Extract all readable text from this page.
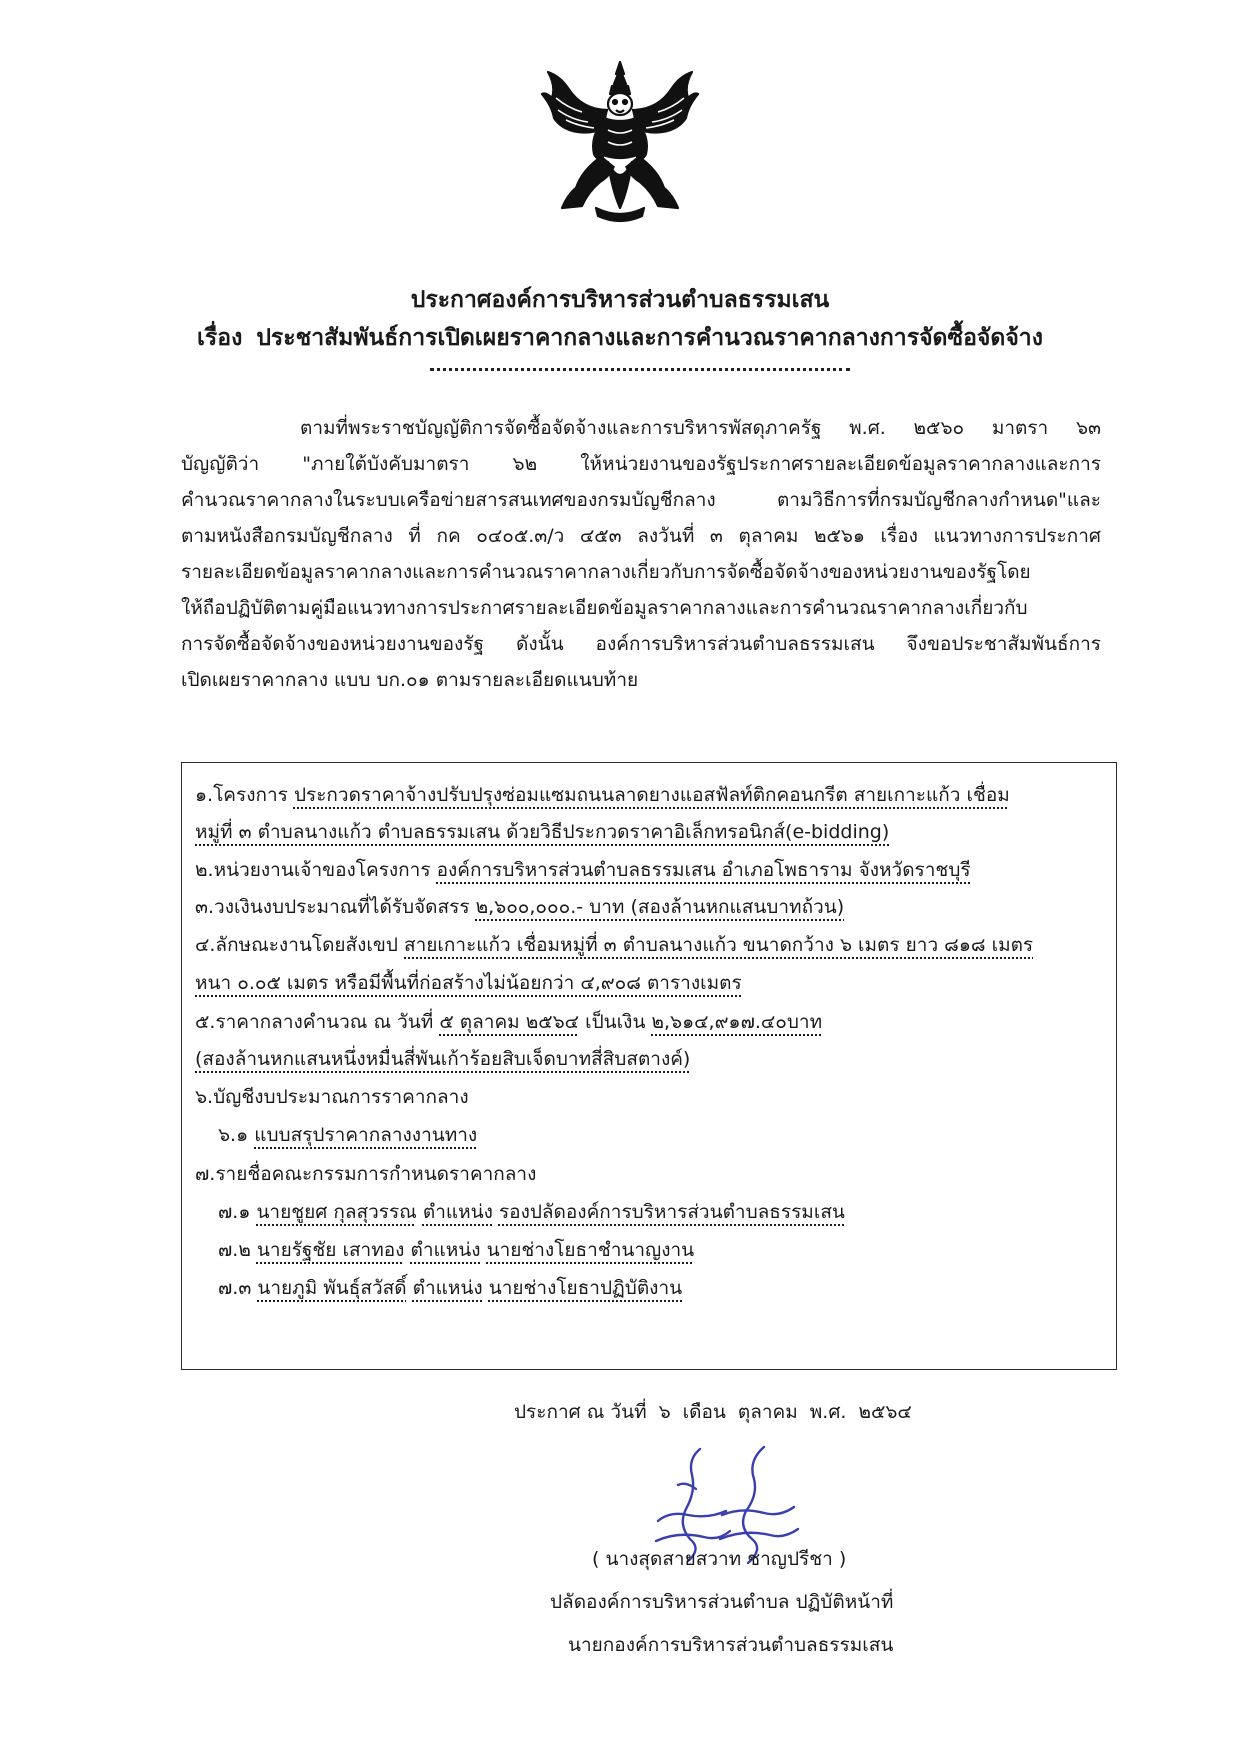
ประกาศองค์การบริหารส่วนตำบลธรรมเสน
เรื่อง ประชาสัมพันธ์การเปิดเผยราคากลางและการคำนวณราคากลางการจัดซื้อจัดจ้าง
ตามที่พระราชบัญญัติการจัดซื้อจัดจ้างและการบริหารพัสดุภาครัฐ พ.ศ. ๒๕๖๐ มาตรา ๖๓
บัญญัติว่า "ภายใต้บังคับมาตรา ๖๒ ให้หน่วยงานของรัฐประกาศรายละเอียดข้อมูลราคากลางและการ
คำนวณราคากลางในระบบเครือข่ายสารสนเทศของกรมบัญชีกลาง ตามวิธีการที่กรมบัญชีกลางกำหนด"และ
ตามหนังสือกรมบัญชีกลาง ที่ กค ๐๔๐๕.๓/ว ๔๕๓ ลงวันที่ ๓ ตุลาคม ๒๕๖๑ เรื่อง แนวทางการประกาศ
รายละเอียดข้อมูลราคากลางและการคำนวณราคากลางเกี่ยวกับการจัดซื้อจัดจ้างของหน่วยงานของรัฐโดย
ให้ถือปฏิบัติตามคู่มือแนวทางการประกาศรายละเอียดข้อมูลราคากลางและการคำนวณราคากลางเกี่ยวกับ
การจัดซื้อจัดจ้างของหน่วยงานของรัฐ ดังนั้น องค์การบริหารส่วนตำบลธรรมเสน จึงขอประชาสัมพันธ์การ
เปิดเผยราคากลาง แบบ บก.๐๑ ตามรายละเอียดแนบท้าย
๑.โครงการ ประกวดราคาจ้างปรับปรุงซ่อมแซมถนนลาดยางแอสฟัลท์ติกคอนกรีต สายเกาะแก้ว เชื่อม
หมู่ที่ ๓ ตำบลนางแก้ว ตำบลธรรมเสน ด้วยวิธีประกวดราคาอิเล็กทรอนิกส์(e-bidding)
๒.หน่วยงานเจ้าของโครงการ องค์การบริหารส่วนตำบลธรรมเสน อำเภอโพธาราม จังหวัดราชบุรี
๓.วงเงินงบประมาณที่ได้รับจัดสรร ๒,๖๐๐,๐๐๐.- บาท (สองล้านหกแสนบาทถ้วน)
๔.ลักษณะงานโดยสังเขป สายเกาะแก้ว เชื่อมหมู่ที่ ๓ ตำบลนางแก้ว ขนาดกว้าง ๖ เมตร ยาว ๘๑๘ เมตร
หนา ๐.๐๕ เมตร หรือมีพื้นที่ก่อสร้างไม่น้อยกว่า ๔,๙๐๘ ตารางเมตร
๕.ราคากลางคำนวณ ณ วันที่ ๕ ตุลาคม ๒๕๖๔ เป็นเงิน ๒,๖๑๔,๙๑๗.๔๐บาท
(สองล้านหกแสนหนึ่งหมื่นสี่พันเก้าร้อยสิบเจ็ดบาทสี่สิบสตางค์)
๖.บัญชีงบประมาณการราคากลาง
๖.๑ แบบสรุปราคากลางงานทาง
๗.รายชื่อคณะกรรมการกำหนดราคากลาง
๗.๑ นายชูยศ กุลสุวรรณ ตำแหน่ง รองปลัดองค์การบริหารส่วนตำบลธรรมเสน
๗.๒ นายรัฐชัย เสาทอง ตำแหน่ง นายช่างโยธาชำนาญงาน
๗.๓ นายภูมิ พันธุ์สวัสดิ์ ตำแหน่ง นายช่างโยธาปฏิบัติงาน
ประกาศ ณ วันที่ ๖ เดือน ตุลาคม พ.ศ. ๒๕๖๔
( นางสุดสายสวาท ชาญปรีชา )
ปลัดองค์การบริหารส่วนตำบล ปฏิบัติหน้าที่
นายกองค์การบริหารส่วนตำบลธรรมเสน
